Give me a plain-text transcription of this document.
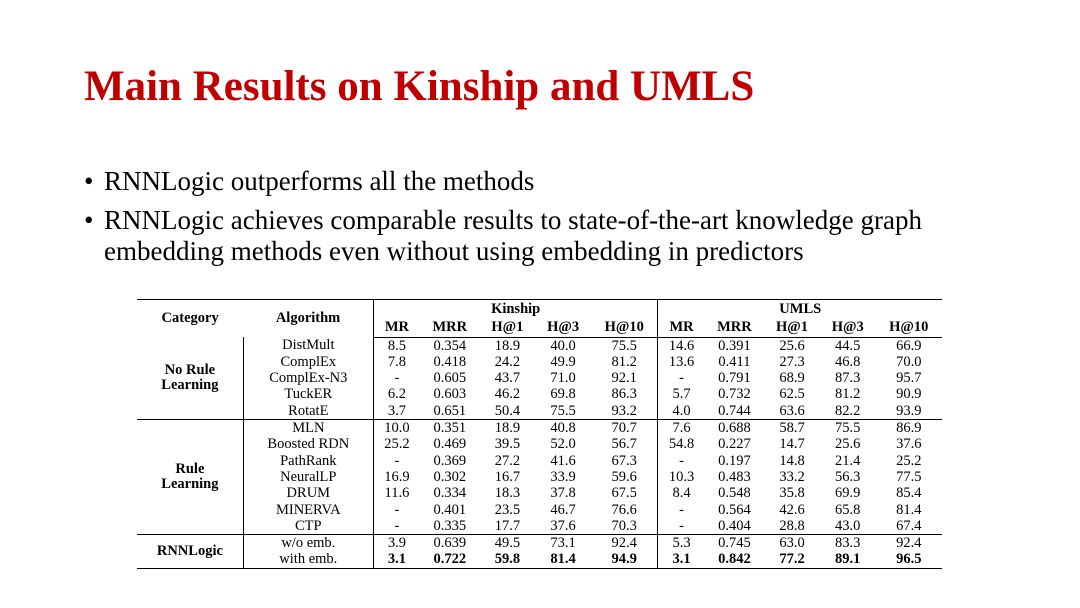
Main Results on Kinship and UMLS
• RNNLogic outperforms all the methods
• RNNLogic achieves comparable results to state-of-the-art knowledge graph embedding methods even without using embedding in predictors
Category	Algorithm	Kinship					UMLS				
		MR	MRR	H@1	H@3	H@10	MR	MRR	H@1	H@3	H@10
No Rule
Learning	DistMult	8.5	0.354	18.9	40.0	75.5	14.6	0.391	25.6	44.5	66.9
	ComplEx	7.8	0.418	24.2	49.9	81.2	13.6	0.411	27.3	46.8	70.0
	ComplEx-N3	-	0.605	43.7	71.0	92.1	-	0.791	68.9	87.3	95.7
	TuckER	6.2	0.603	46.2	69.8	86.3	5.7	0.732	62.5	81.2	90.9
	RotatE	3.7	0.651	50.4	75.5	93.2	4.0	0.744	63.6	82.2	93.9
Rule
Learning	MLN	10.0	0.351	18.9	40.8	70.7	7.6	0.688	58.7	75.5	86.9
	Boosted RDN	25.2	0.469	39.5	52.0	56.7	54.8	0.227	14.7	25.6	37.6
	PathRank	-	0.369	27.2	41.6	67.3	-	0.197	14.8	21.4	25.2
	NeuralLP	16.9	0.302	16.7	33.9	59.6	10.3	0.483	33.2	56.3	77.5
	DRUM	11.6	0.334	18.3	37.8	67.5	8.4	0.548	35.8	69.9	85.4
	MINERVA	-	0.401	23.5	46.7	76.6	-	0.564	42.6	65.8	81.4
	CTP	-	0.335	17.7	37.6	70.3	-	0.404	28.8	43.0	67.4
RNNLogic	w/o emb.	3.9	0.639	49.5	73.1	92.4	5.3	0.745	63.0	83.3	92.4
	with emb.	3.1	0.722	59.8	81.4	94.9	3.1	0.842	77.2	89.1	96.5
